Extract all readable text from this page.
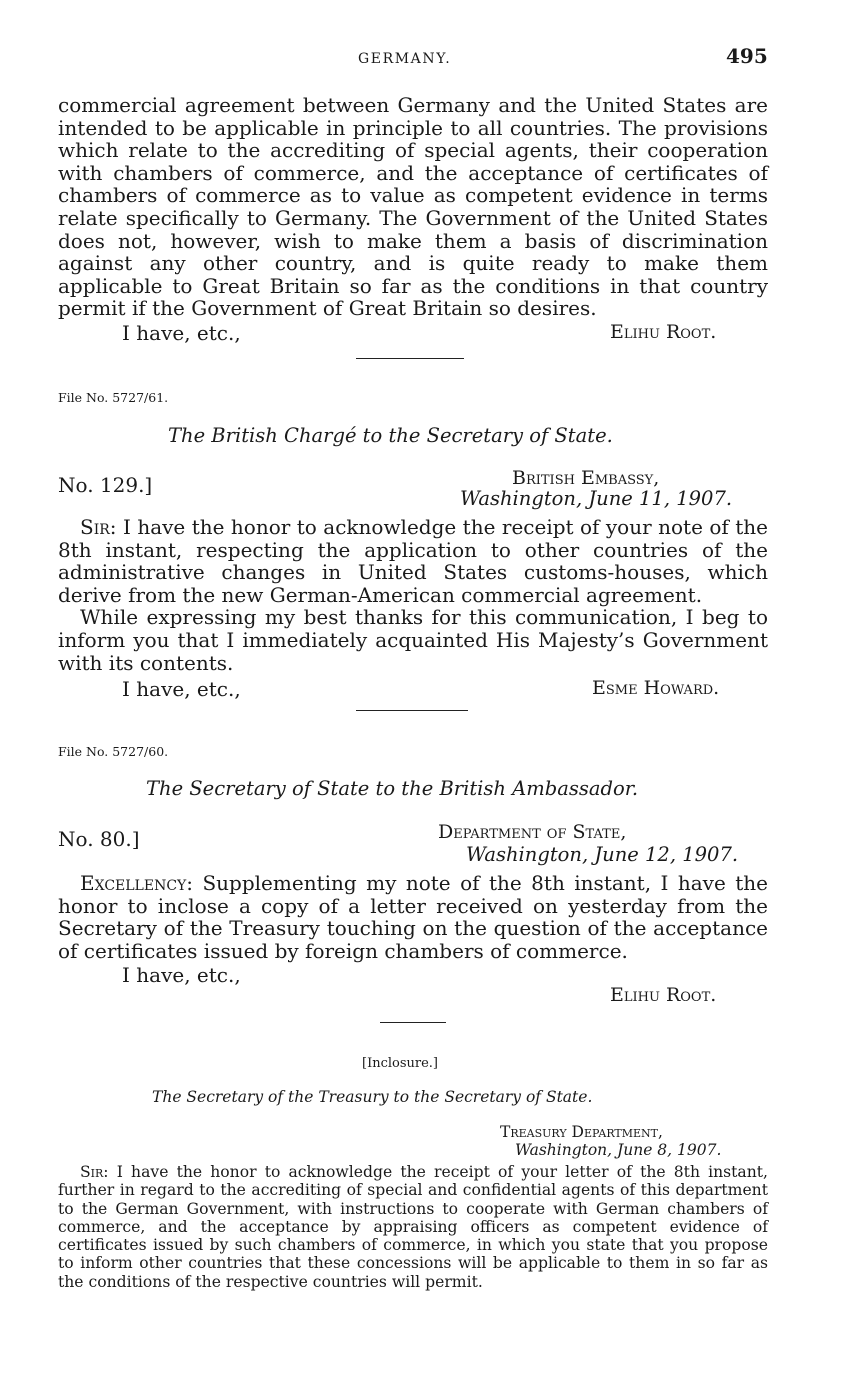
GERMANY.	495

commercial agreement between Germany and the United States are intended to be applicable in principle to all countries. The provisions which relate to the accrediting of special agents, their cooperation with chambers of commerce, and the acceptance of certificates of chambers of commerce as to value as competent evidence in terms relate specifically to Germany. The Government of the United States does not, however, wish to make them a basis of discrimination against any other country, and is quite ready to make them applicable to Great Britain so far as the conditions in that country permit if the Government of Great Britain so desires.

I have, etc.,	Elihu Root.
File No. 5727/61.
The British Chargé to the Secretary of State.
No. 129.]	British Embassy,
Washington, June 11, 1907.

Sir: I have the honor to acknowledge the receipt of your note of the 8th instant, respecting the application to other countries of the administrative changes in United States customs-houses, which derive from the new German-American commercial agreement.

While expressing my best thanks for this communication, I beg to inform you that I immediately acquainted His Majesty’s Government with its contents.

I have, etc.,	Esme Howard.
File No. 5727/60.
The Secretary of State to the British Ambassador.
No. 80.]	Department of State,
Washington, June 12, 1907.

Excellency: Supplementing my note of the 8th instant, I have the honor to inclose a copy of a letter received on yesterday from the Secretary of the Treasury touching on the question of the acceptance of certificates issued by foreign chambers of commerce.

I have, etc.,
Elihu Root.
[Inclosure.]
The Secretary of the Treasury to the Secretary of State.
Treasury Department,
Washington, June 8, 1907.

Sir: I have the honor to acknowledge the receipt of your letter of the 8th instant, further in regard to the accrediting of special and confidential agents of this department to the German Government, with instructions to cooperate with German chambers of commerce, and the acceptance by appraising officers as competent evidence of certificates issued by such chambers of commerce, in which you state that you propose to inform other countries that these concessions will be applicable to them in so far as the conditions of the respective countries will permit.
